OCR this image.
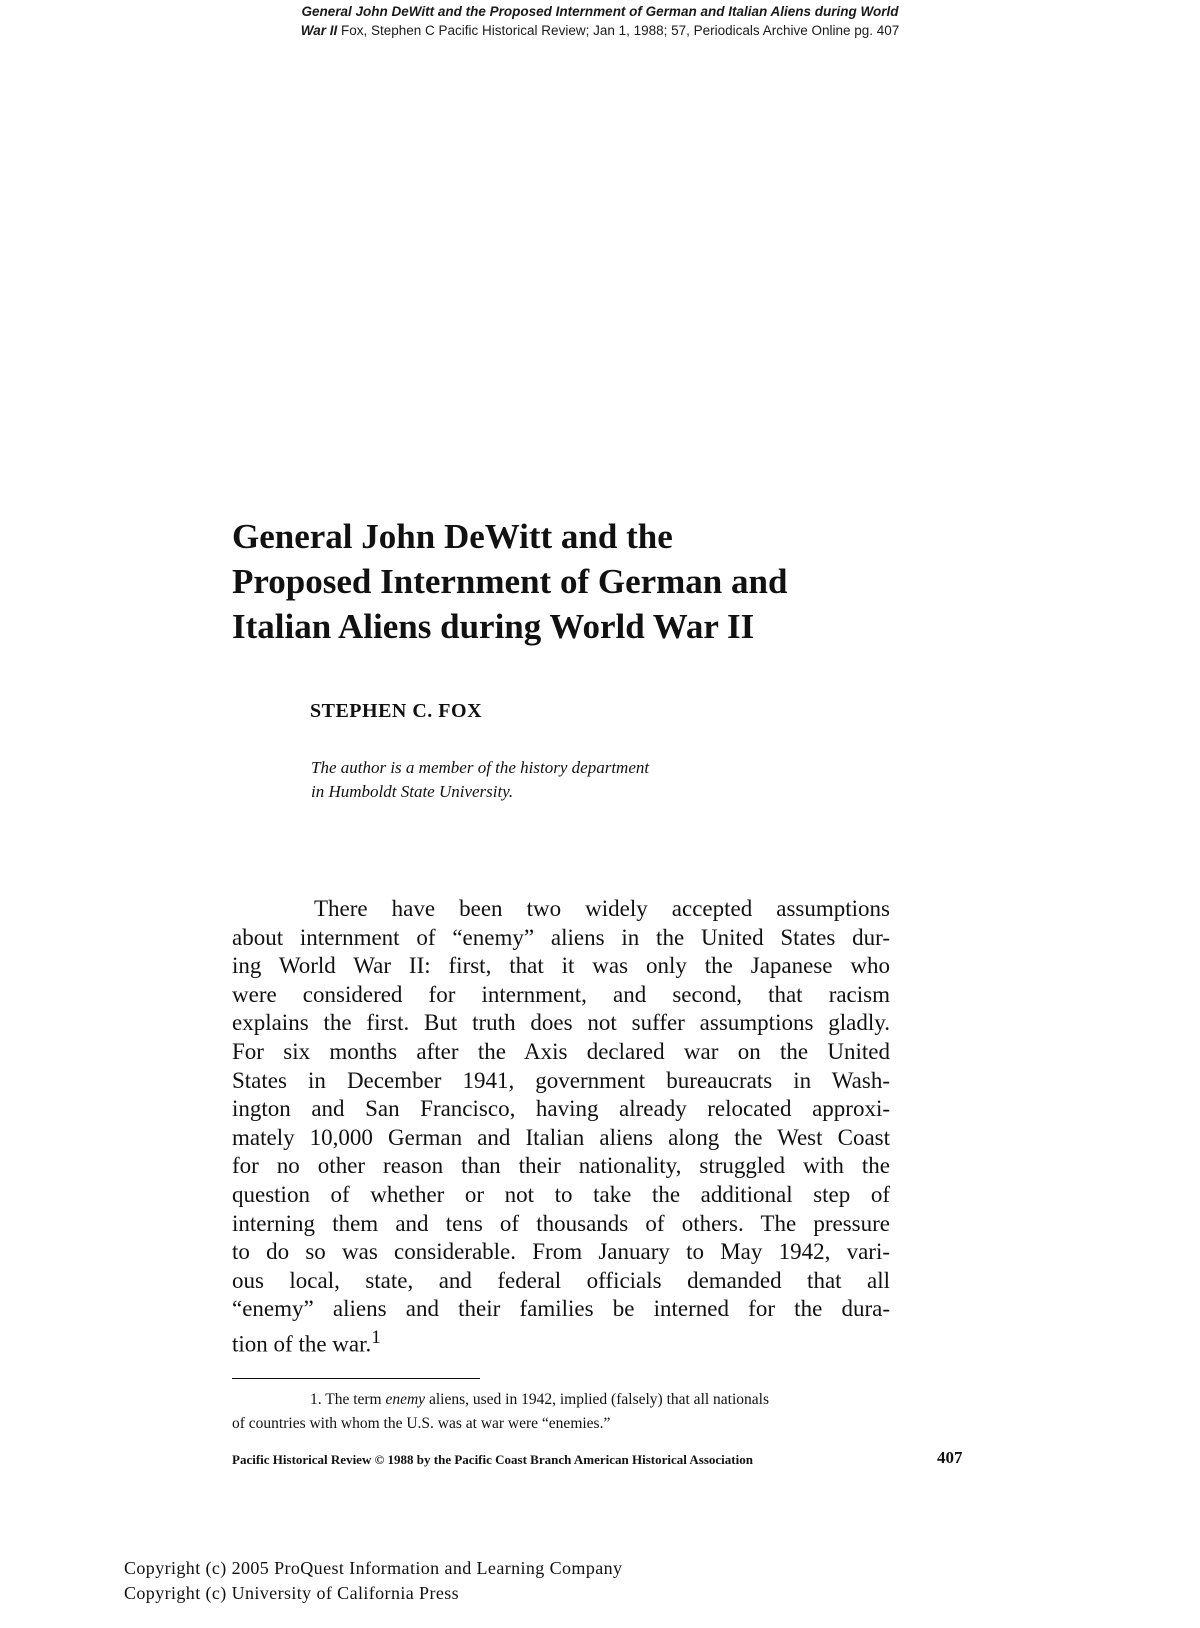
General John DeWitt and the Proposed Internment of German and Italian Aliens during World
War II Fox, Stephen C Pacific Historical Review; Jan 1, 1988; 57, Periodicals Archive Online pg. 407
General John DeWitt and the
Proposed Internment of German and
Italian Aliens during World War II
STEPHEN C. FOX
The author is a member of the history department
in Humboldt State University.
There have been two widely accepted assumptions
about internment of “enemy” aliens in the United States dur-
ing World War II: first, that it was only the Japanese who
were considered for internment, and second, that racism
explains the first. But truth does not suffer assumptions gladly.
For six months after the Axis declared war on the United
States in December 1941, government bureaucrats in Wash-
ington and San Francisco, having already relocated approxi-
mately 10,000 German and Italian aliens along the West Coast
for no other reason than their nationality, struggled with the
question of whether or not to take the additional step of
interning them and tens of thousands of others. The pressure
to do so was considerable. From January to May 1942, vari-
ous local, state, and federal officials demanded that all
“enemy” aliens and their families be interned for the dura-
tion of the war.$^1$
1. The term enemy aliens, used in 1942, implied (falsely) that all nationals
of countries with whom the U.S. was at war were “enemies.”
Pacific Historical Review © 1988 by the Pacific Coast Branch American Historical Association	407
Copyright (c) 2005 ProQuest Information and Learning Company
Copyright (c) University of California Press
